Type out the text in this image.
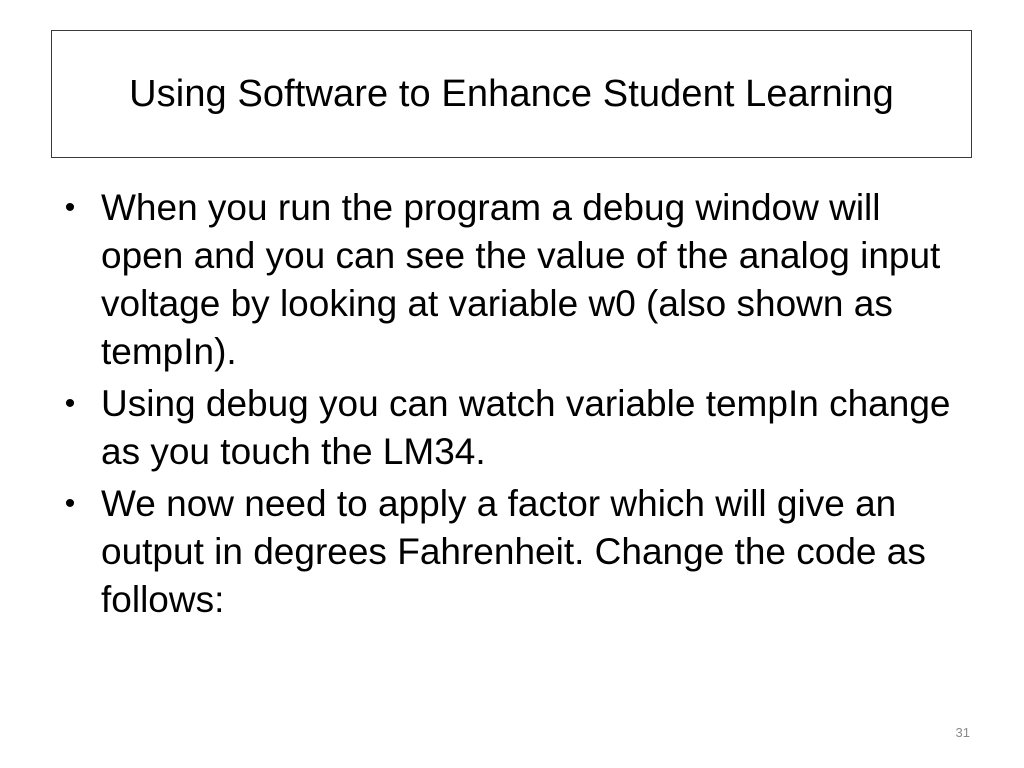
Using Software to Enhance Student Learning
• When you run the program a debug window will open and you can see the value of the analog input voltage by looking at variable w0 (also shown as tempIn).
• Using debug you can watch variable tempIn change as you touch the LM34.
• We now need to apply a factor which will give an output in degrees Fahrenheit. Change the code as follows:
31
